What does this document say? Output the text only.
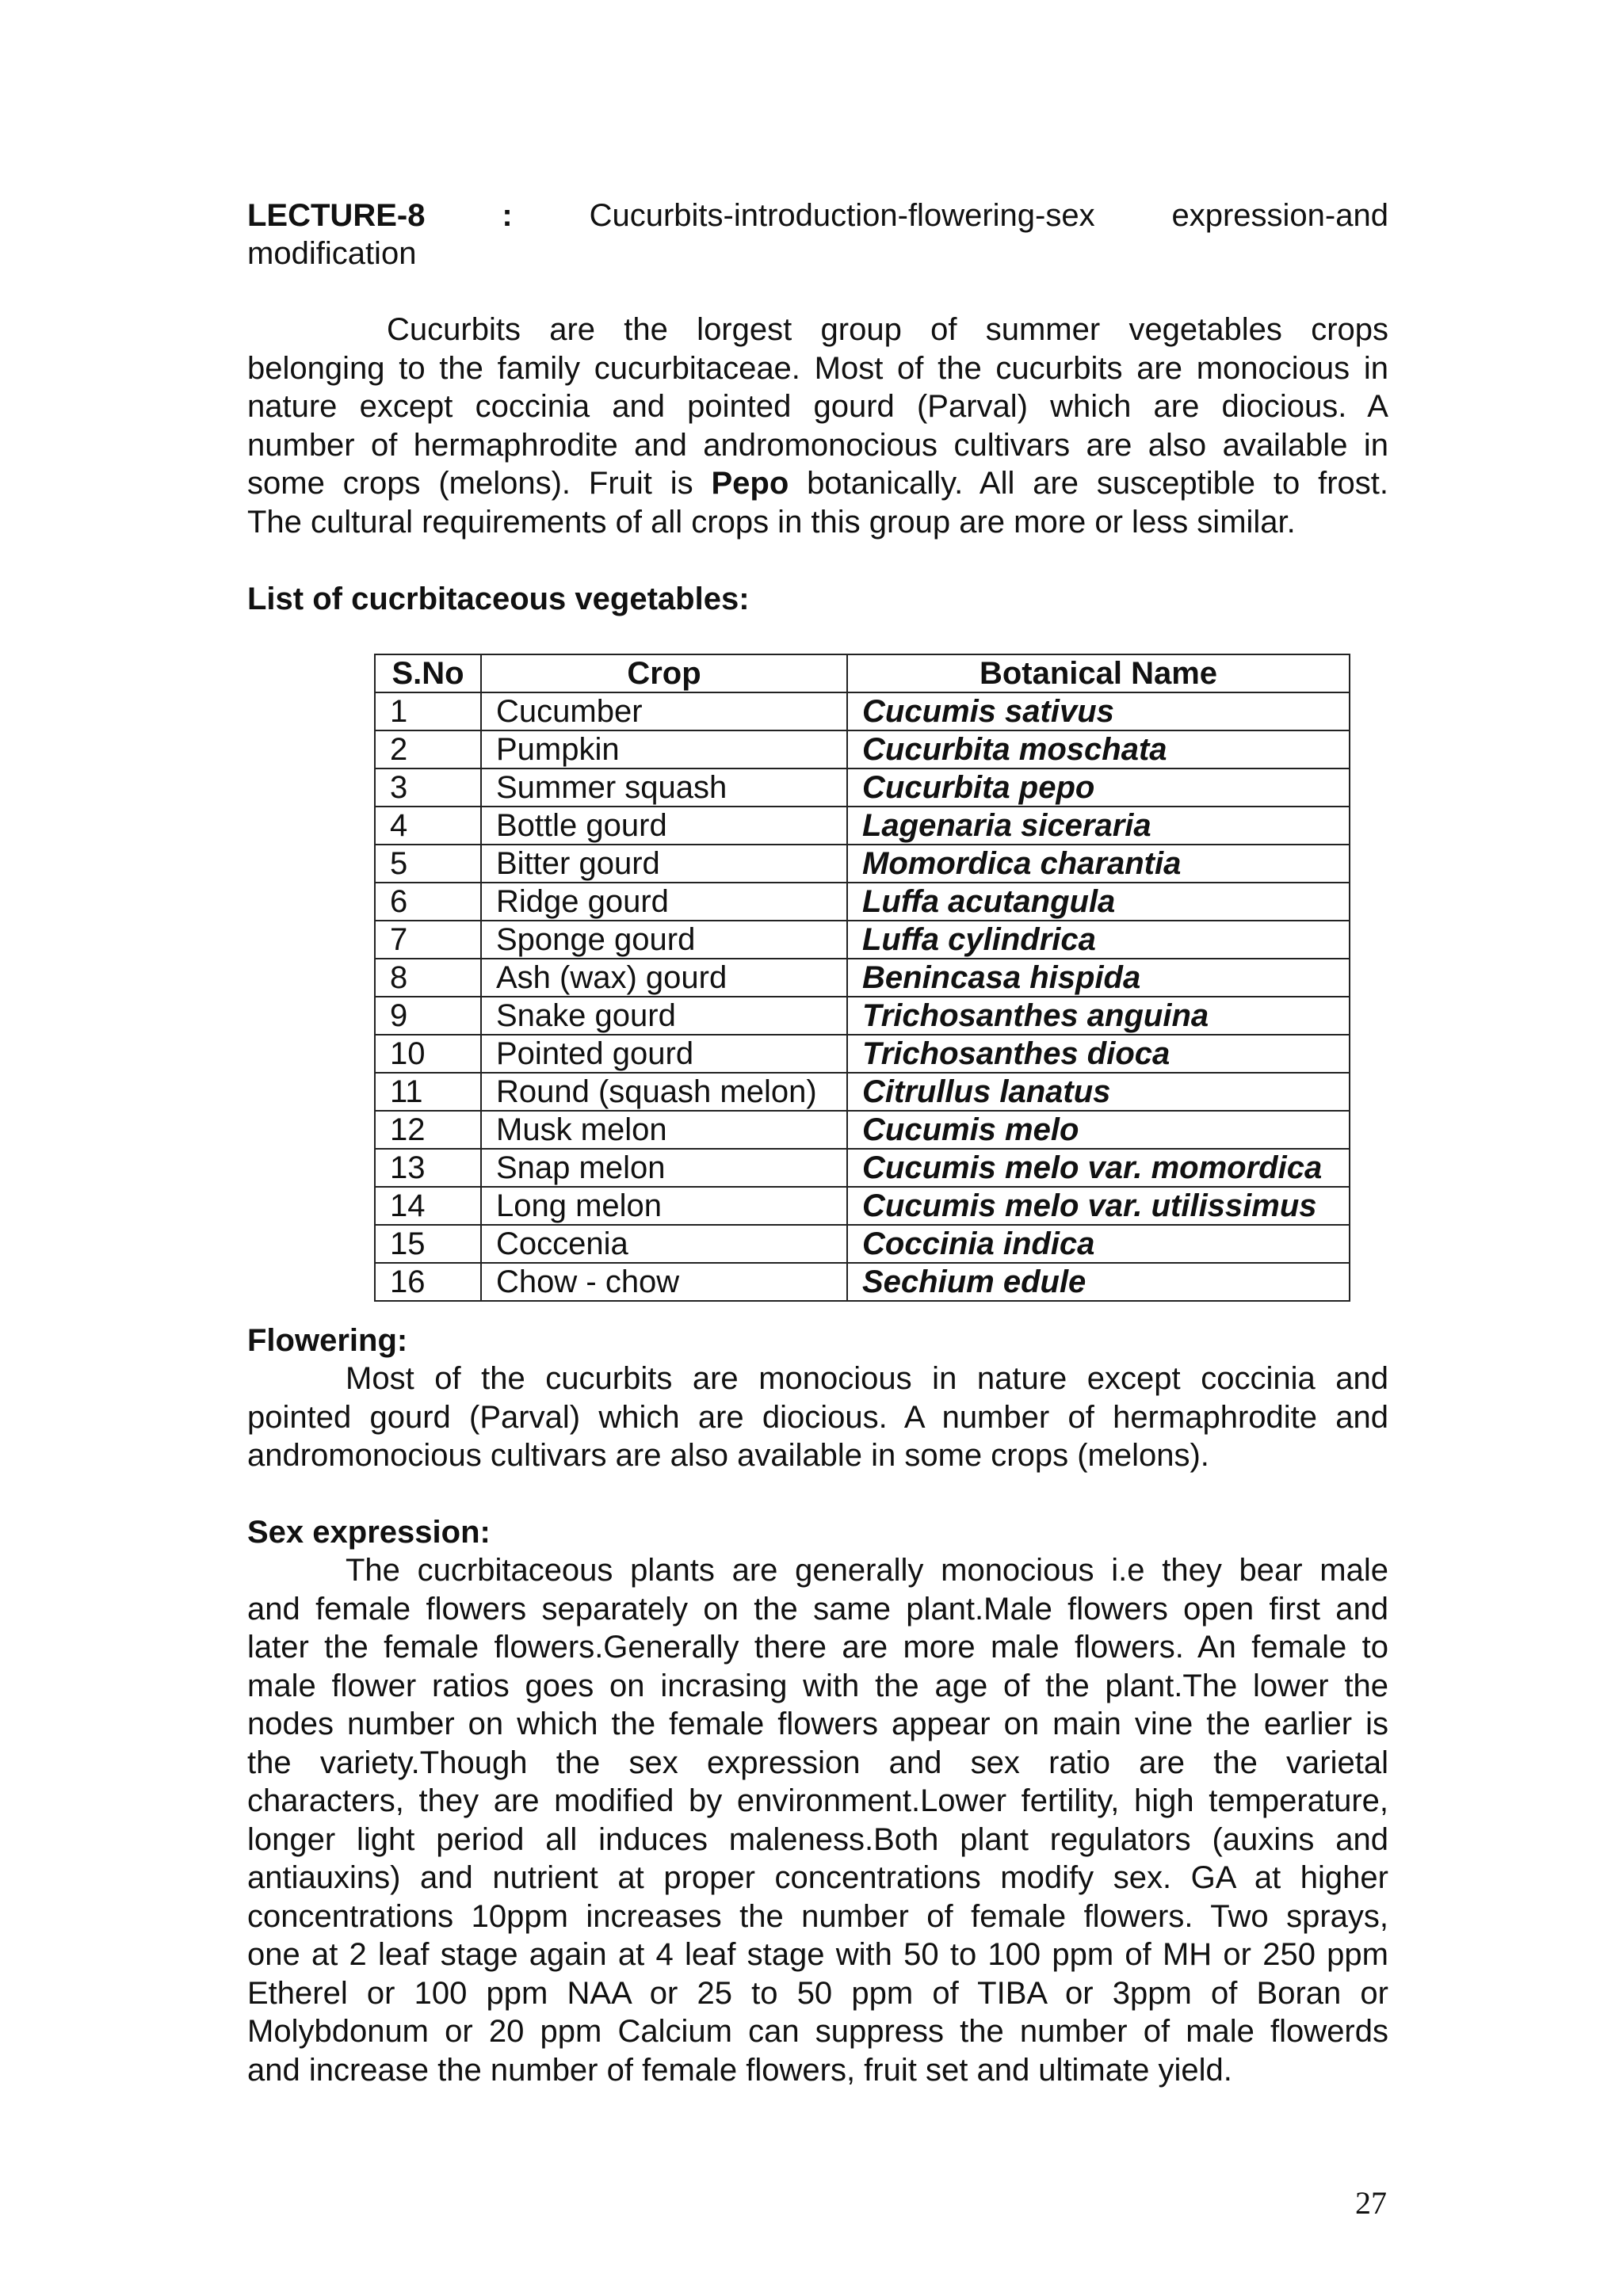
LECTURE-8 : Cucurbits-introduction-flowering-sex expression-and
modification
Cucurbits are the lorgest group of summer vegetables crops
belonging to the family cucurbitaceae. Most of the cucurbits are monocious in
nature except coccinia and pointed gourd (Parval) which are diocious. A
number of hermaphrodite and andromonocious cultivars are also available in
some crops (melons). Fruit is Pepo botanically. All are susceptible to frost.
The cultural requirements of all crops in this group are more or less similar.
List of cucrbitaceous vegetables:
S.No	Crop	Botanical Name
1	Cucumber	Cucumis sativus
2	Pumpkin	Cucurbita moschata
3	Summer squash	Cucurbita pepo
4	Bottle gourd	Lagenaria siceraria
5	Bitter gourd	Momordica charantia
6	Ridge gourd	Luffa acutangula
7	Sponge gourd	Luffa cylindrica
8	Ash (wax) gourd	Benincasa hispida
9	Snake gourd	Trichosanthes anguina
10	Pointed gourd	Trichosanthes dioca
11	Round (squash melon)	Citrullus lanatus
12	Musk melon	Cucumis melo
13	Snap melon	Cucumis melo var. momordica
14	Long melon	Cucumis melo var. utilissimus
15	Coccenia	Coccinia indica
16	Chow - chow	Sechium edule
Flowering:
Most of the cucurbits are monocious in nature except coccinia and
pointed gourd (Parval) which are diocious. A number of hermaphrodite and
andromonocious cultivars are also available in some crops (melons).
Sex expression:
The cucrbitaceous plants are generally monocious i.e they bear male
and female flowers separately on the same plant.Male flowers open first and
later the female flowers.Generally there are more male flowers. An female to
male flower ratios goes on incrasing with the age of the plant.The lower the
nodes number on which the female flowers appear on main vine the earlier is
the variety.Though the sex expression and sex ratio are the varietal
characters, they are modified by environment.Lower fertility, high temperature,
longer light period all induces maleness.Both plant regulators (auxins and
antiauxins) and nutrient at proper concentrations modify sex. GA at higher
concentrations 10ppm increases the number of female flowers. Two sprays,
one at 2 leaf stage again at 4 leaf stage with 50 to 100 ppm of MH or 250 ppm
Etherel or 100 ppm NAA or 25 to 50 ppm of TIBA or 3ppm of Boran or
Molybdonum or 20 ppm Calcium can suppress the number of male flowerds
and increase the number of female flowers, fruit set and ultimate yield.
27
